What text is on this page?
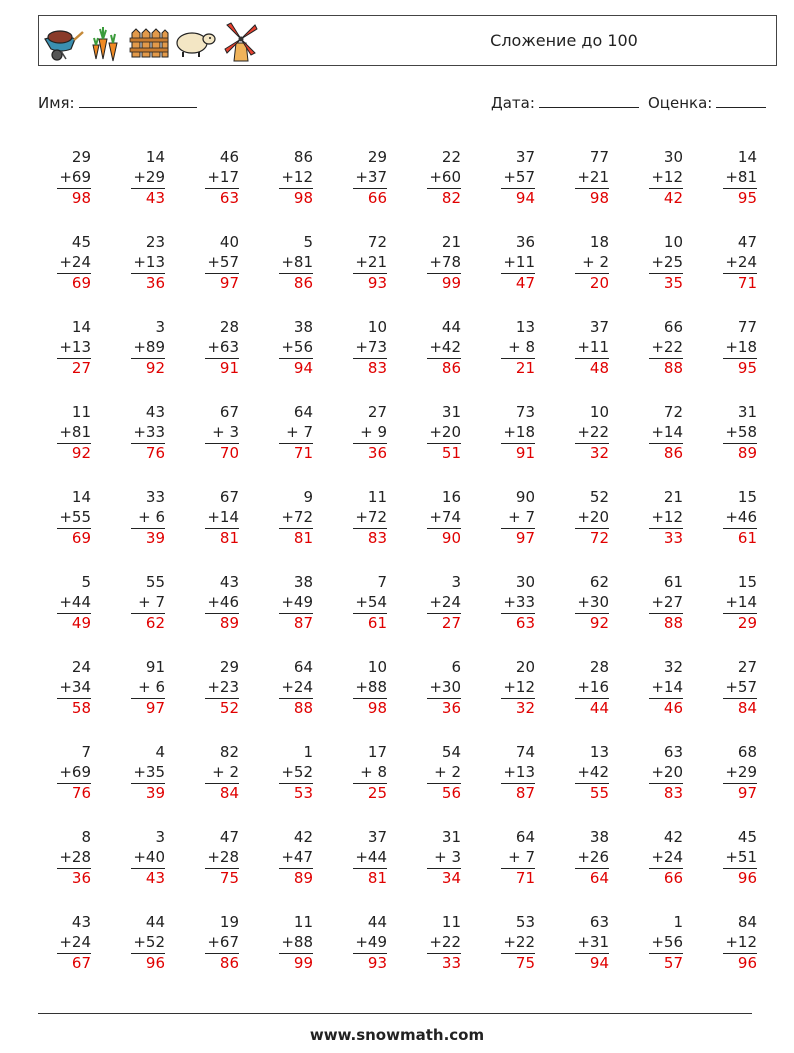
Сложение до 100
Имя:	Дата:	Оценка:
29
+69
98
14
+29
43
46
+17
63
86
+12
98
29
+37
66
22
+60
82
37
+57
94
77
+21
98
30
+12
42
14
+81
95
45
+24
69
23
+13
36
40
+57
97
5
+81
86
72
+21
93
21
+78
99
36
+11
47
18
+ 2
20
10
+25
35
47
+24
71
14
+13
27
3
+89
92
28
+63
91
38
+56
94
10
+73
83
44
+42
86
13
+ 8
21
37
+11
48
66
+22
88
77
+18
95
11
+81
92
43
+33
76
67
+ 3
70
64
+ 7
71
27
+ 9
36
31
+20
51
73
+18
91
10
+22
32
72
+14
86
31
+58
89
14
+55
69
33
+ 6
39
67
+14
81
9
+72
81
11
+72
83
16
+74
90
90
+ 7
97
52
+20
72
21
+12
33
15
+46
61
5
+44
49
55
+ 7
62
43
+46
89
38
+49
87
7
+54
61
3
+24
27
30
+33
63
62
+30
92
61
+27
88
15
+14
29
24
+34
58
91
+ 6
97
29
+23
52
64
+24
88
10
+88
98
6
+30
36
20
+12
32
28
+16
44
32
+14
46
27
+57
84
7
+69
76
4
+35
39
82
+ 2
84
1
+52
53
17
+ 8
25
54
+ 2
56
74
+13
87
13
+42
55
63
+20
83
68
+29
97
8
+28
36
3
+40
43
47
+28
75
42
+47
89
37
+44
81
31
+ 3
34
64
+ 7
71
38
+26
64
42
+24
66
45
+51
96
43
+24
67
44
+52
96
19
+67
86
11
+88
99
44
+49
93
11
+22
33
53
+22
75
63
+31
94
1
+56
57
84
+12
96
www.snowmath.com
